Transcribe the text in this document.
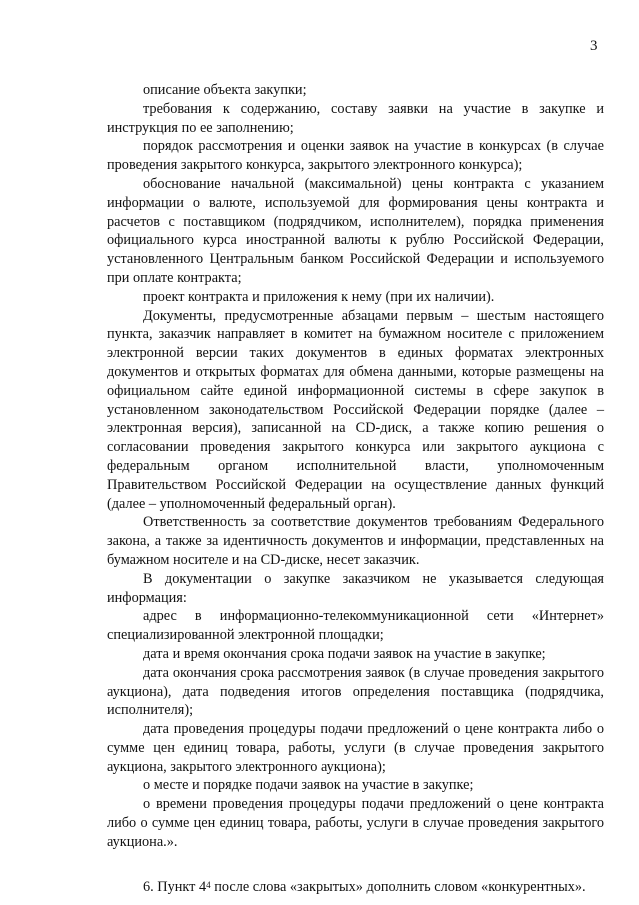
3

описание объекта закупки;

требования к содержанию, составу заявки на участие в закупке и инструкция по ее заполнению;

порядок рассмотрения и оценки заявок на участие в конкурсах (в случае проведения закрытого конкурса, закрытого электронного конкурса);

обоснование начальной (максимальной) цены контракта с указанием информации о валюте, используемой для формирования цены контракта и расчетов с поставщиком (подрядчиком, исполнителем), порядка применения официального курса иностранной валюты к рублю Российской Федерации, установленного Центральным банком Российской Федерации и используемого при оплате контракта;

проект контракта и приложения к нему (при их наличии).

Документы, предусмотренные абзацами первым – шестым настоящего пункта, заказчик направляет в комитет на бумажном носителе с приложением электронной версии таких документов в единых форматах электронных документов и открытых форматах для обмена данными, которые размещены на официальном сайте единой информационной системы в сфере закупок в установленном законодательством Российской Федерации порядке (далее – электронная версия), записанной на CD-диск, а также копию решения о согласовании проведения закрытого конкурса или закрытого аукциона с федеральным органом исполнительной власти, уполномоченным Правительством Российской Федерации на осуществление данных функций (далее – уполномоченный федеральный орган).

Ответственность за соответствие документов требованиям Федерального закона, а также за идентичность документов и информации, представленных на бумажном носителе и на CD-диске, несет заказчик.

В документации о закупке заказчиком не указывается следующая информация:

адрес в информационно-телекоммуникационной сети «Интернет» специализированной электронной площадки;

дата и время окончания срока подачи заявок на участие в закупке;

дата окончания срока рассмотрения заявок (в случае проведения закрытого аукциона), дата подведения итогов определения поставщика (подрядчика, исполнителя);

дата проведения процедуры подачи предложений о цене контракта либо о сумме цен единиц товара, работы, услуги (в случае проведения закрытого аукциона, закрытого электронного аукциона);

о месте и порядке подачи заявок на участие в закупке;

о времени проведения процедуры подачи предложений о цене контракта либо о сумме цен единиц товара, работы, услуги в случае проведения закрытого аукциона.».

6. Пункт $4^4$ после слова «закрытых» дополнить словом «конкурентных».
